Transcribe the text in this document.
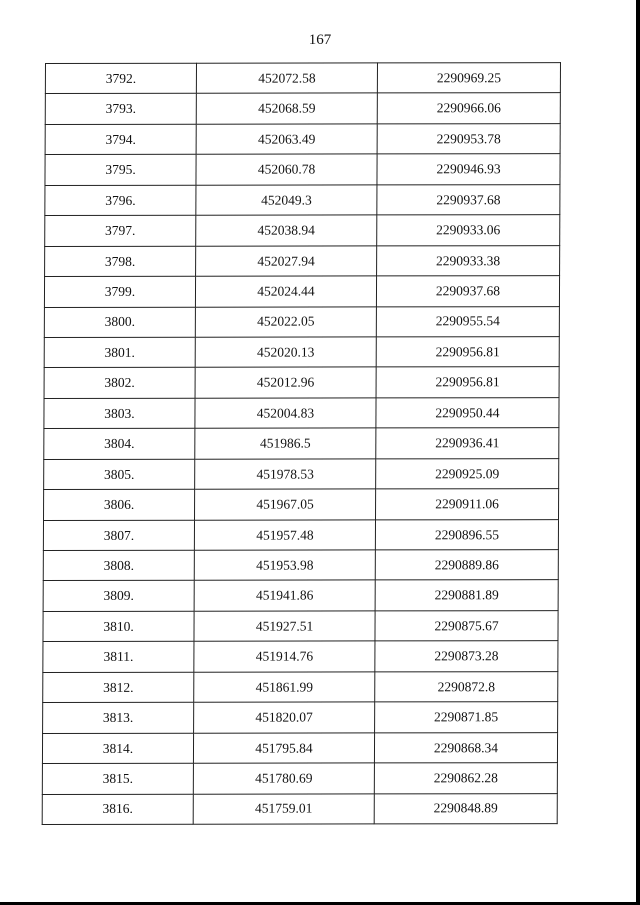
167
3792.	452072.58	2290969.25
3793.	452068.59	2290966.06
3794.	452063.49	2290953.78
3795.	452060.78	2290946.93
3796.	452049.3	2290937.68
3797.	452038.94	2290933.06
3798.	452027.94	2290933.38
3799.	452024.44	2290937.68
3800.	452022.05	2290955.54
3801.	452020.13	2290956.81
3802.	452012.96	2290956.81
3803.	452004.83	2290950.44
3804.	451986.5	2290936.41
3805.	451978.53	2290925.09
3806.	451967.05	2290911.06
3807.	451957.48	2290896.55
3808.	451953.98	2290889.86
3809.	451941.86	2290881.89
3810.	451927.51	2290875.67
3811.	451914.76	2290873.28
3812.	451861.99	2290872.8
3813.	451820.07	2290871.85
3814.	451795.84	2290868.34
3815.	451780.69	2290862.28
3816.	451759.01	2290848.89
